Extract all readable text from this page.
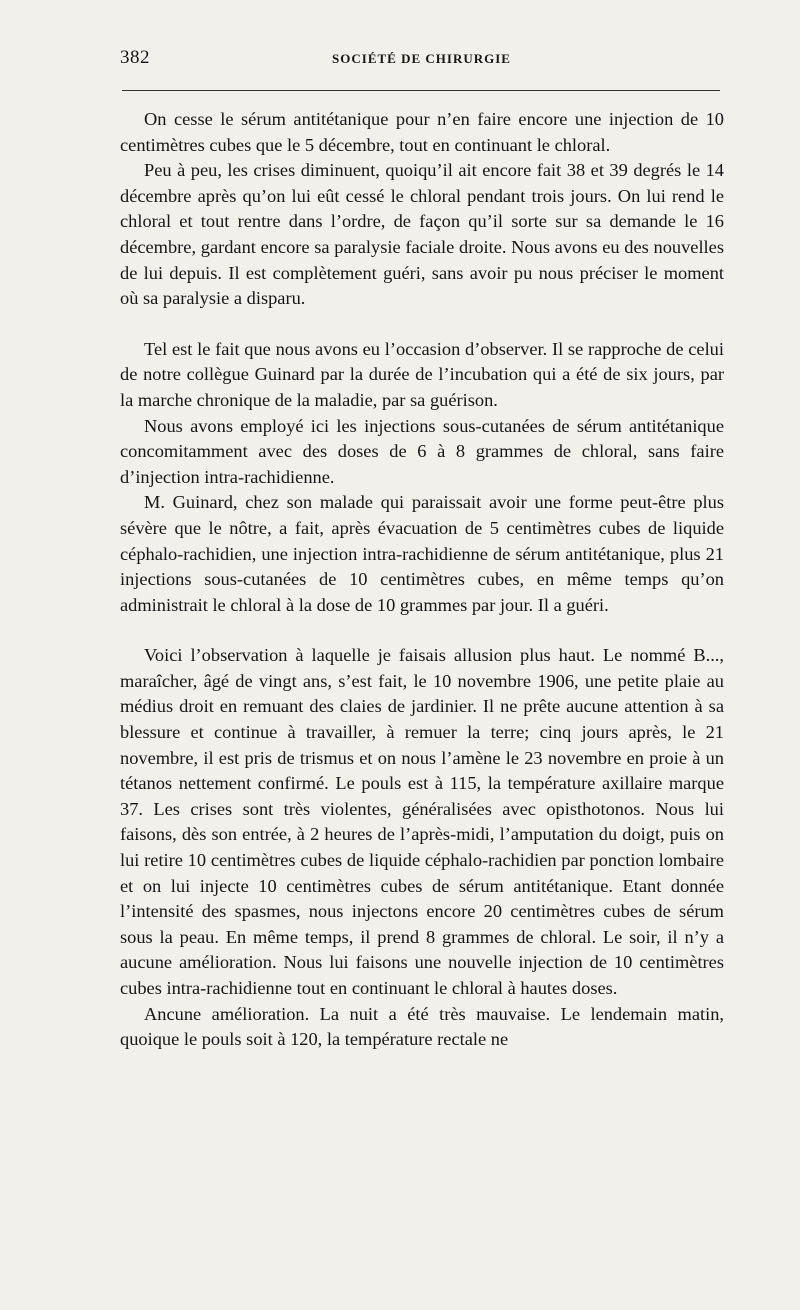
382	SOCIÉTÉ DE CHIRURGIE

On cesse le sérum antitétanique pour n’en faire encore une injection de 10 centimètres cubes que le 5 décembre, tout en continuant le chloral.

Peu à peu, les crises diminuent, quoiqu’il ait encore fait 38 et 39 degrés le 14 décembre après qu’on lui eût cessé le chloral pendant trois jours. On lui rend le chloral et tout rentre dans l’ordre, de façon qu’il sorte sur sa demande le 16 décembre, gardant encore sa paralysie faciale droite. Nous avons eu des nouvelles de lui depuis. Il est complètement guéri, sans avoir pu nous préciser le moment où sa paralysie a disparu.

Tel est le fait que nous avons eu l’occasion d’observer. Il se rapproche de celui de notre collègue Guinard par la durée de l’incubation qui a été de six jours, par la marche chronique de la maladie, par sa guérison.

Nous avons employé ici les injections sous-cutanées de sérum antitétanique concomitamment avec des doses de 6 à 8 grammes de chloral, sans faire d’injection intra-rachidienne.

M. Guinard, chez son malade qui paraissait avoir une forme peut-être plus sévère que le nôtre, a fait, après évacuation de 5 centimètres cubes de liquide céphalo-rachidien, une injection intra-rachidienne de sérum antitétanique, plus 21 injections sous-cutanées de 10 centimètres cubes, en même temps qu’on administrait le chloral à la dose de 10 grammes par jour. Il a guéri.

Voici l’observation à laquelle je faisais allusion plus haut. Le nommé B..., maraîcher, âgé de vingt ans, s’est fait, le 10 novembre 1906, une petite plaie au médius droit en remuant des claies de jardinier. Il ne prête aucune attention à sa blessure et continue à travailler, à remuer la terre; cinq jours après, le 21 novembre, il est pris de trismus et on nous l’amène le 23 novembre en proie à un tétanos nettement confirmé. Le pouls est à 115, la température axillaire marque 37. Les crises sont très violentes, généralisées avec opisthotonos. Nous lui faisons, dès son entrée, à 2 heures de l’après-midi, l’amputation du doigt, puis on lui retire 10 centimètres cubes de liquide céphalo-rachidien par ponction lombaire et on lui injecte 10 centimètres cubes de sérum antitétanique. Etant donnée l’intensité des spasmes, nous injectons encore 20 centimètres cubes de sérum sous la peau. En même temps, il prend 8 grammes de chloral. Le soir, il n’y a aucune amélioration. Nous lui faisons une nouvelle injection de 10 centimètres cubes intra-rachidienne tout en continuant le chloral à hautes doses.

Ancune amélioration. La nuit a été très mauvaise. Le lendemain matin, quoique le pouls soit à 120, la température rectale ne
